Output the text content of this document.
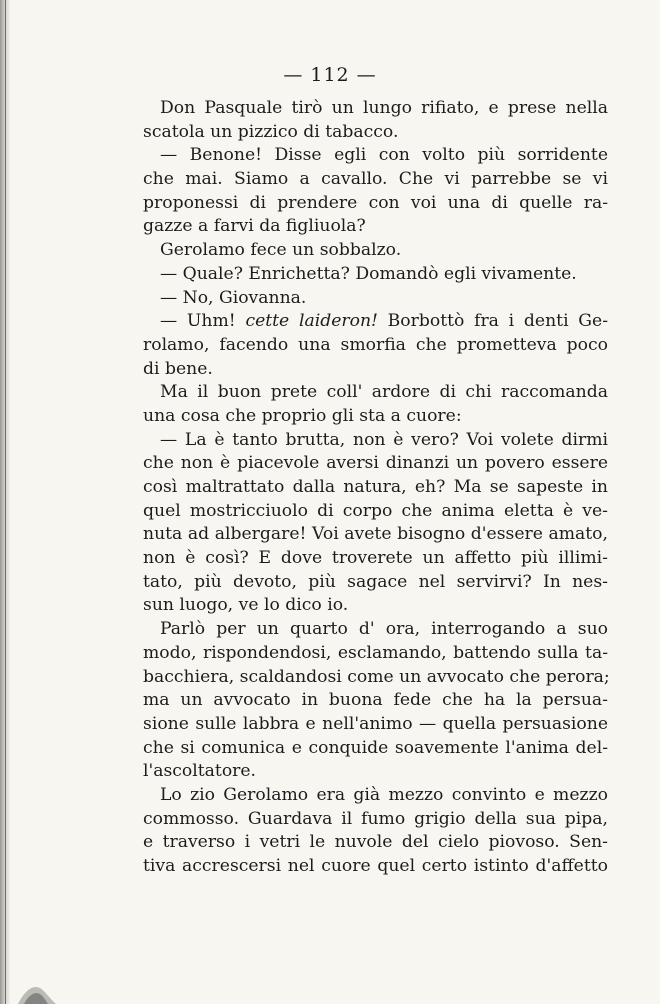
— 112 —
Don Pasquale tirò un lungo rifiato, e prese nella
scatola un pizzico di tabacco.
— Benone! Disse egli con volto più sorridente
che mai. Siamo a cavallo. Che vi parrebbe se vi
proponessi di prendere con voi una di quelle ra-
gazze a farvi da figliuola?
Gerolamo fece un sobbalzo.
— Quale? Enrichetta? Domandò egli vivamente.
— No, Giovanna.
— Uhm! cette laideron! Borbottò fra i denti Ge-
rolamo, facendo una smorfia che prometteva poco
di bene.
Ma il buon prete coll' ardore di chi raccomanda
una cosa che proprio gli sta a cuore:
— La è tanto brutta, non è vero? Voi volete dirmi
che non è piacevole aversi dinanzi un povero essere
così maltrattato dalla natura, eh? Ma se sapeste in
quel mostricciuolo di corpo che anima eletta è ve-
nuta ad albergare! Voi avete bisogno d'essere amato,
non è così? E dove troverete un affetto più illimi-
tato, più devoto, più sagace nel servirvi? In nes-
sun luogo, ve lo dico io.
Parlò per un quarto d' ora, interrogando a suo
modo, rispondendosi, esclamando, battendo sulla ta-
bacchiera, scaldandosi come un avvocato che perora;
ma un avvocato in buona fede che ha la persua-
sione sulle labbra e nell'animo — quella persuasione
che si comunica e conquide soavemente l'anima del-
l'ascoltatore.
Lo zio Gerolamo era già mezzo convinto e mezzo
commosso. Guardava il fumo grigio della sua pipa,
e traverso i vetri le nuvole del cielo piovoso. Sen-
tiva accrescersi nel cuore quel certo istinto d'affetto
